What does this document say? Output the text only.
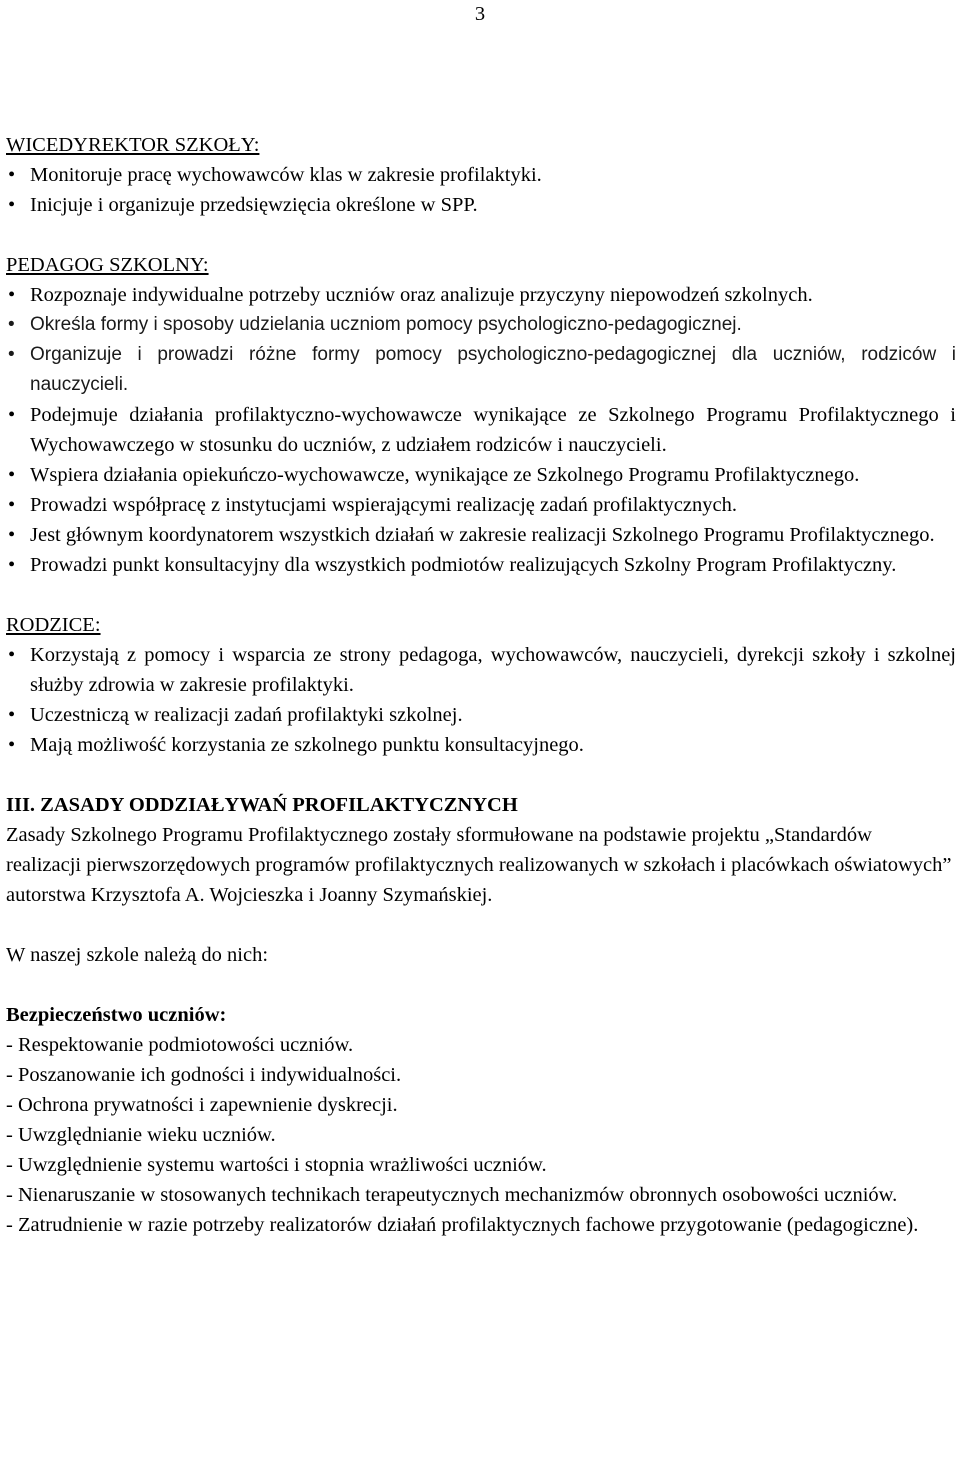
3
WICEDYREKTOR SZKOŁY:
• Monitoruje pracę wychowawców klas w zakresie profilaktyki.
• Inicjuje i organizuje przedsięwzięcia określone w SPP.
PEDAGOG SZKOLNY:
• Rozpoznaje indywidualne potrzeby uczniów oraz analizuje przyczyny niepowodzeń szkolnych.
• Określa formy i sposoby udzielania uczniom pomocy psychologiczno-pedagogicznej.
• Organizuje i prowadzi różne formy pomocy psychologiczno-pedagogicznej dla uczniów, rodziców i nauczycieli.
• Podejmuje działania profilaktyczno-wychowawcze wynikające ze Szkolnego Programu Profilaktycznego i Wychowawczego w stosunku do uczniów, z udziałem rodziców i nauczycieli.
• Wspiera działania opiekuńczo-wychowawcze, wynikające ze Szkolnego Programu Profilaktycznego.
• Prowadzi współpracę z instytucjami wspierającymi realizację zadań profilaktycznych.
• Jest głównym koordynatorem wszystkich działań w zakresie realizacji Szkolnego Programu Profilaktycznego.
• Prowadzi punkt konsultacyjny dla wszystkich podmiotów realizujących Szkolny Program Profilaktyczny.
RODZICE:
• Korzystają z pomocy i wsparcia ze strony pedagoga, wychowawców, nauczycieli, dyrekcji szkoły i szkolnej służby zdrowia w zakresie profilaktyki.
• Uczestniczą w realizacji zadań profilaktyki szkolnej.
• Mają możliwość korzystania ze szkolnego punktu konsultacyjnego.
III. ZASADY ODDZIAŁYWAŃ PROFILAKTYCZNYCH
Zasady Szkolnego Programu Profilaktycznego zostały sformułowane na podstawie projektu „Standardów
realizacji pierwszorzędowych programów profilaktycznych realizowanych w szkołach i placówkach oświatowych” autorstwa Krzysztofa A. Wojcieszka i Joanny Szymańskiej.
W naszej szkole należą do nich:
Bezpieczeństwo uczniów:
- Respektowanie podmiotowości uczniów.
- Poszanowanie ich godności i indywidualności.
- Ochrona prywatności i zapewnienie dyskrecji.
- Uwzględnianie wieku uczniów.
- Uwzględnienie systemu wartości i stopnia wrażliwości uczniów.
- Nienaruszanie w stosowanych technikach terapeutycznych mechanizmów obronnych osobowości uczniów.
- Zatrudnienie w razie potrzeby realizatorów działań profilaktycznych fachowe przygotowanie (pedagogiczne).
